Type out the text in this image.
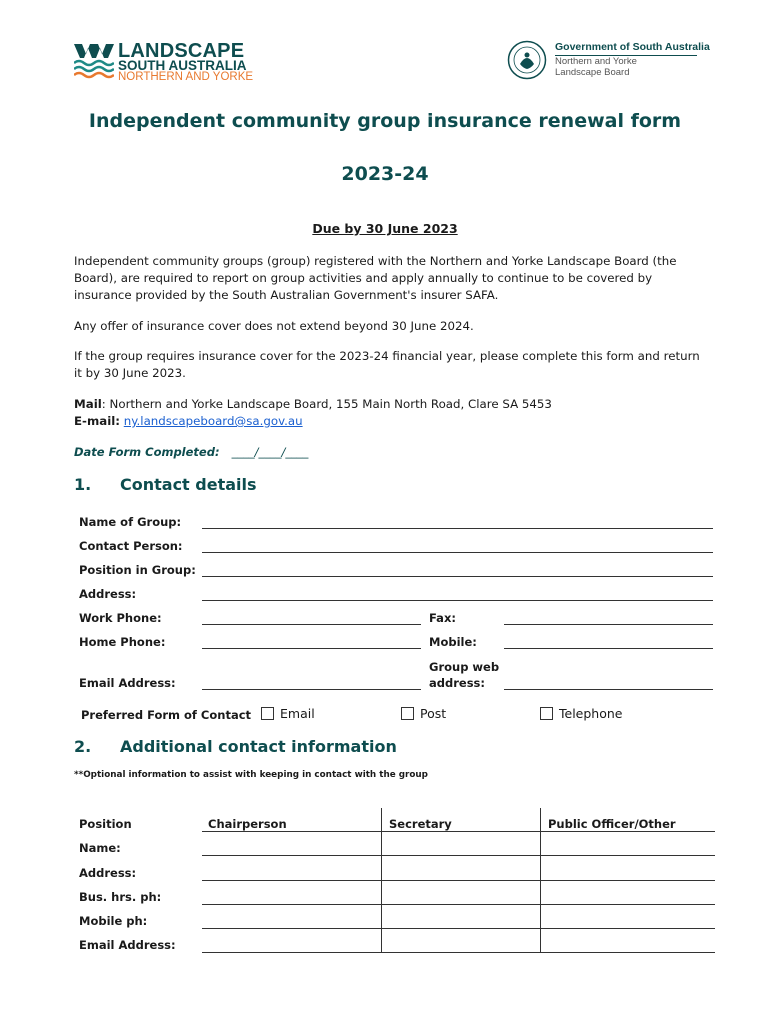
LANDSCAPE
SOUTH AUSTRALIA
NORTHERN AND YORKE
Government of South Australia
Northern and Yorke
Landscape Board
Independent community group insurance renewal form
2023-24
Due by 30 June 2023
Independent community groups (group) registered with the Northern and Yorke Landscape Board (the Board), are required to report on group activities and apply annually to continue to be covered by insurance provided by the South Australian Government's insurer SAFA.
Any offer of insurance cover does not extend beyond 30 June 2024.
If the group requires insurance cover for the 2023-24 financial year, please complete this form and return it by 30 June 2023.
Mail: Northern and Yorke Landscape Board, 155 Main North Road, Clare SA 5453
E-mail: ny.landscapeboard@sa.gov.au
Date Form Completed: ____/____/____
1. Contact details
Name of Group:
Contact Person:
Position in Group:
Address:
Work Phone:	Fax:
Home Phone:	Mobile:
Email Address:
Group web
address:
Preferred Form of Contact Email	Post	Telephone
2. Additional contact information
**Optional information to assist with keeping in contact with the group
Position	Chairperson	Secretary	Public Officer/Other
Name:
Address:
Bus. hrs. ph:
Mobile ph:
Email Address:
